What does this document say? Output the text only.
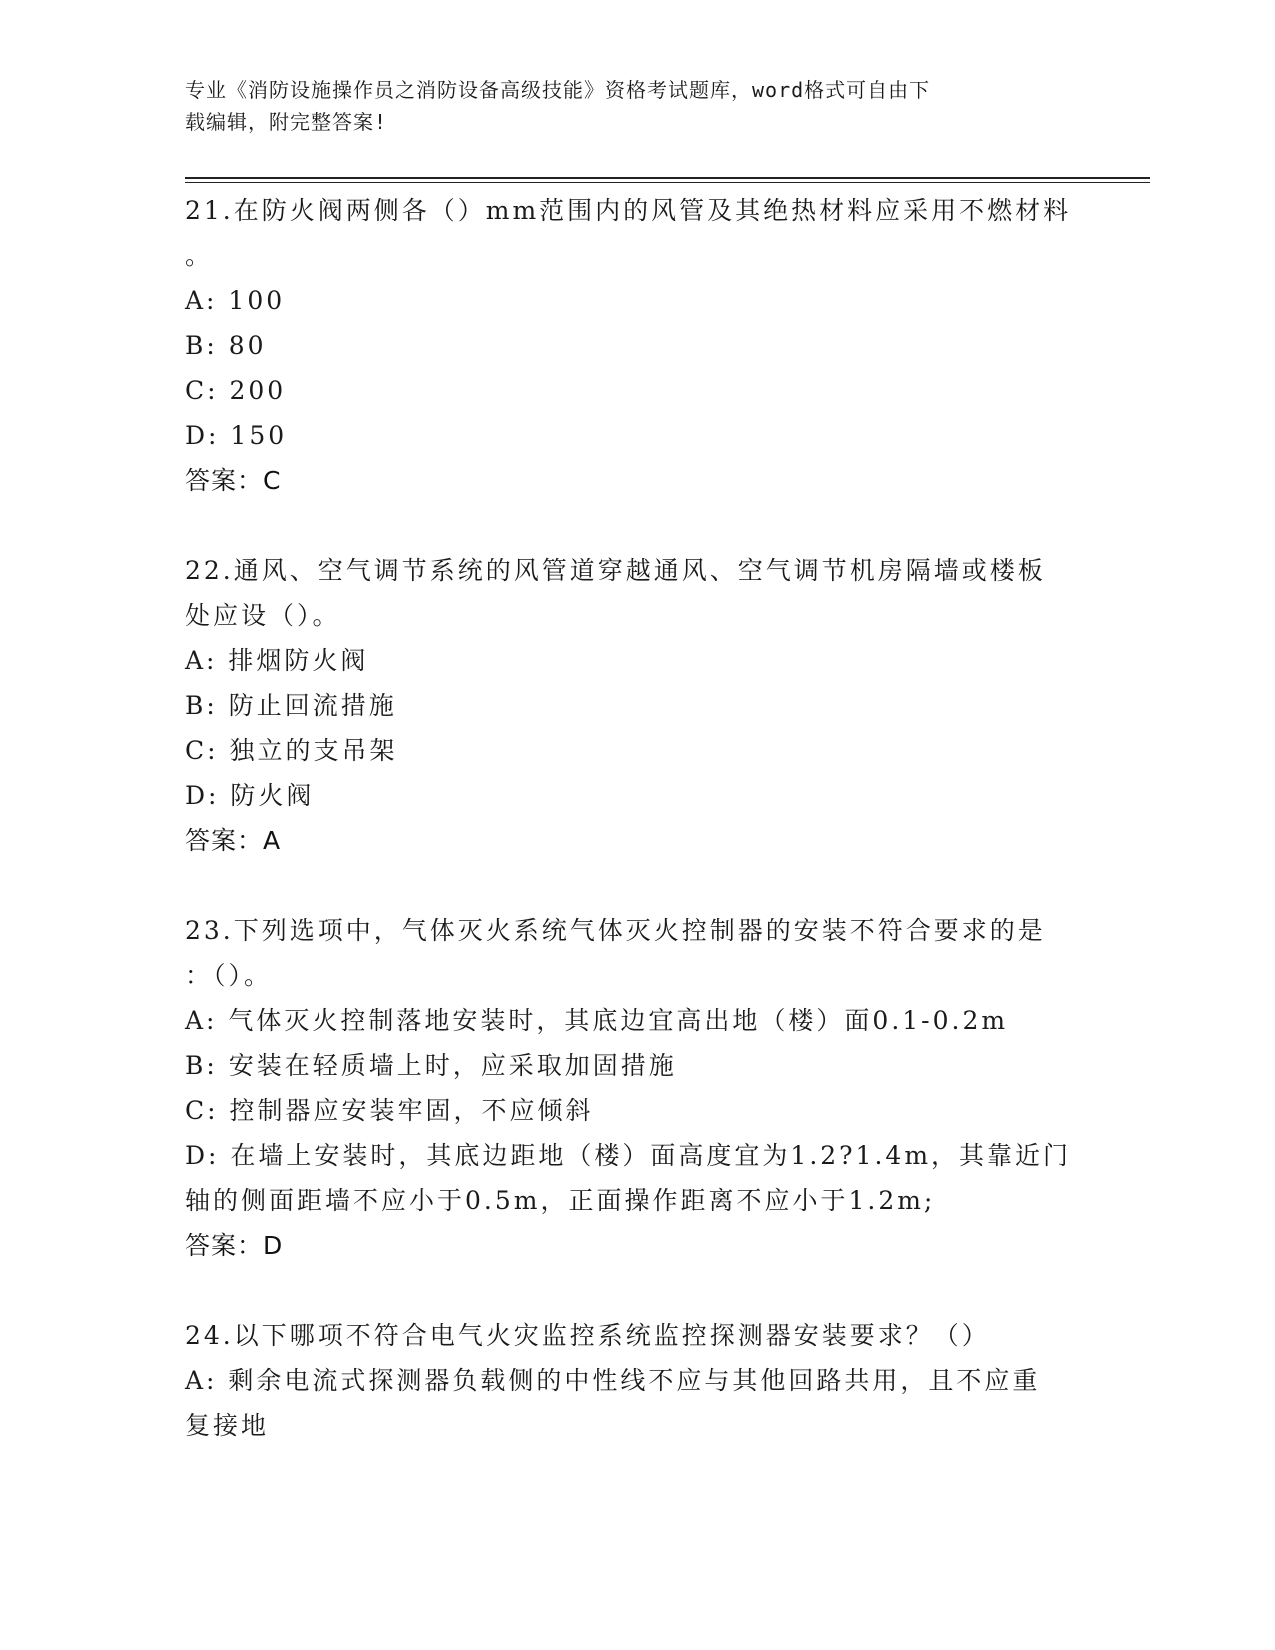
专业《消防设施操作员之消防设备高级技能》资格考试题库，word格式可自由下
载编辑，附完整答案!
21.在防火阀两侧各（）mm范围内的风管及其绝热材料应采用不燃材料
。
A: 100
B: 80
C: 200
D: 150
答案：C
22.通风、空气调节系统的风管道穿越通风、空气调节机房隔墙或楼板
处应设（）。
A: 排烟防火阀
B: 防止回流措施
C: 独立的支吊架
D: 防火阀
答案：A
23.下列选项中，气体灭火系统气体灭火控制器的安装不符合要求的是
：（）。
A: 气体灭火控制落地安装时，其底边宜高出地（楼）面0.1-0.2m
B: 安装在轻质墙上时，应采取加固措施
C: 控制器应安装牢固，不应倾斜
D: 在墙上安装时，其底边距地（楼）面高度宜为1.2?1.4m，其靠近门
轴的侧面距墙不应小于0.5m，正面操作距离不应小于1.2m;
答案：D
24.以下哪项不符合电气火灾监控系统监控探测器安装要求？（）
A: 剩余电流式探测器负载侧的中性线不应与其他回路共用，且不应重
复接地
